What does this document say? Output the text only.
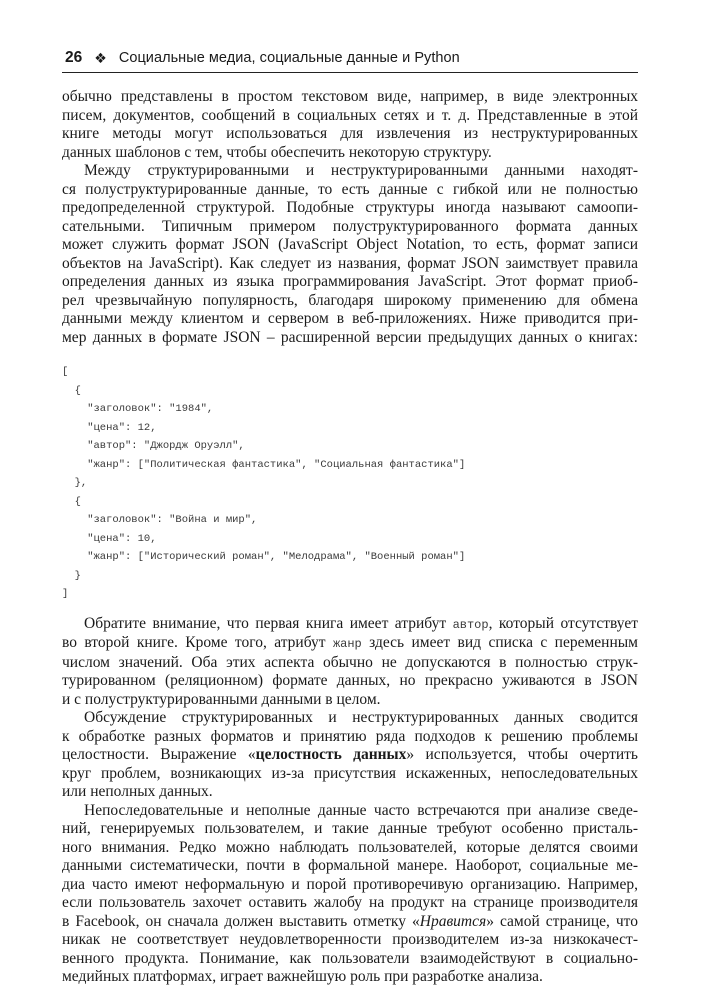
26 ❖ Социальные медиа, социальные данные и Python

обычно представлены в простом текстовом виде, например, в виде электронных
писем, документов, сообщений в социальных сетях и т. д. Представленные в этой
книге методы могут использоваться для извлечения из неструктурированных
данных шаблонов с тем, чтобы обеспечить некоторую структуру.

Между структурированными и неструктурированными данными находят-
ся полуструктурированные данные, то есть данные с гибкой или не полностью
предопределенной структурой. Подобные структуры иногда называют самоопи-
сательными. Типичным примером полуструктурированного формата данных
может служить формат JSON (JavaScript Object Notation, то есть, формат записи
объектов на JavaScript). Как следует из названия, формат JSON заимствует правила
определения данных из языка программирования JavaScript. Этот формат приоб-
рел чрезвычайную популярность, благодаря широкому применению для обмена
данными между клиентом и сервером в веб-приложениях. Ниже приводится при-
мер данных в формате JSON – расширенной версии предыдущих данных о книгах:

[
{
"заголовок": "1984",
"цена": 12,
"автор": "Джордж Оруэлл",
"жанр": ["Политическая фантастика", "Социальная фантастика"]
},
{
"заголовок": "Война и мир",
"цена": 10,
"жанр": ["Исторический роман", "Мелодрама", "Военный роман"]
}
]

Обратите внимание, что первая книга имеет атрибут автор, который отсутствует
во второй книге. Кроме того, атрибут жанр здесь имеет вид списка с переменным
числом значений. Оба этих аспекта обычно не допускаются в полностью струк-
турированном (реляционном) формате данных, но прекрасно уживаются в JSON
и с полуструктурированными данными в целом.

Обсуждение структурированных и неструктурированных данных сводится
к обработке разных форматов и принятию ряда подходов к решению проблемы
целостности. Выражение «целостность данных» используется, чтобы очертить
круг проблем, возникающих из-за присутствия искаженных, непоследовательных
или неполных данных.

Непоследовательные и неполные данные часто встречаются при анализе сведе-
ний, генерируемых пользователем, и такие данные требуют особенно присталь-
ного внимания. Редко можно наблюдать пользователей, которые делятся своими
данными систематически, почти в формальной манере. Наоборот, социальные ме-
диа часто имеют неформальную и порой противоречивую организацию. Например,
если пользователь захочет оставить жалобу на продукт на странице производителя
в Facebook, он сначала должен выставить отметку «Нравится» самой странице, что
никак не соответствует неудовлетворенности производителем из-за низкокачест-
венного продукта. Понимание, как пользователи взаимодействуют в социально-
медийных платформах, играет важнейшую роль при разработке анализа.
